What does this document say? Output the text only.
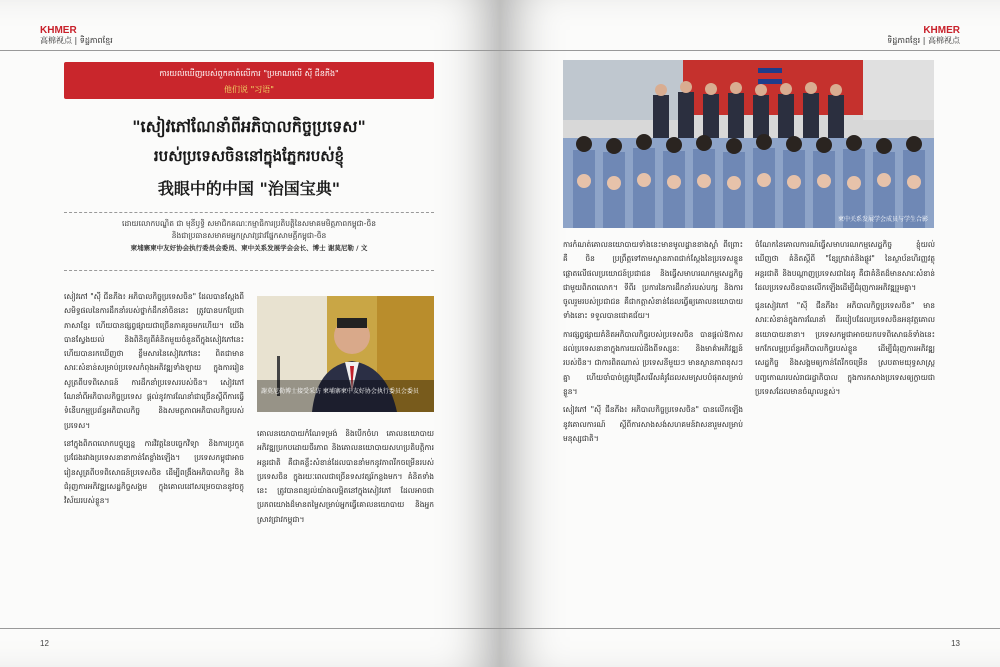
KHMER
高棉视点 | ទិដ្ឋភាពខ្មែរ
ការយល់ឃើញរបស់ពួកគាត់លើការ "ប្រមាណលើ ស៊ី ជីនភីង"
他们说 "习语"
"សៀវភៅណែនាំពីអភិបាលកិច្ចប្រទេស"
របស់ប្រទេសចិននៅក្នុងភ្នែករបស់ខ្ញុំ
我眼中的中国 "治国宝典"
ដោយលោកបណ្ឌិត ជា មុនីឫទ្ធិ សមាជិកគណៈកម្មាធិការប្រតិបត្តិនៃសមាគមមិត្តភាពកម្ពុជា-ចិន
និងជាប្រធានសមាគមអ្នកស្រាវជ្រាវផ្នែកសាមគ្គីកម្ពុជា-ចិន
柬埔寨柬中友好协会执行委员会委员、柬中关系发展学会会长、博士 谢莫尼勒 / 文

សៀវភៅ "ស៊ី ជីនភីង៖ អភិបាលកិច្ចប្រទេសចិន" ដែលបានស្ដែងពីសមិទ្ធផលនៃការដឹកនាំរបស់ថ្នាក់ដឹកនាំចិននេះ ត្រូវបានបកប្រែជាភាសាខ្មែរ ហើយបានផ្សព្វផ្សាយជាច្រើនភាគរួចមកហើយ។ យើងបានស្វែងយល់ និងពិនិត្យពីគំនិតមួយចំនួនពីក្នុងសៀវភៅនេះ ហើយបានរកឃើញថា ខ្លឹមសារនៃសៀវភៅនេះ ពិតជាមានសារៈសំខាន់សម្រាប់ប្រទេសកំពុងអភិវឌ្ឍទាំងឡាយ ក្នុងការរៀនសូត្រពីបទពិសោធន៍ ការដឹកនាំប្រទេសរបស់ចិន។ សៀវភៅណែនាំពីអភិបាលកិច្ចប្រទេស ផ្ដល់នូវការណែនាំជាច្រើនស្ដីពីការធ្វើទំនើបកម្មប្រព័ន្ធអភិបាលកិច្ច និងសមត្ថភាពអភិបាលកិច្ចរបស់ប្រទេស។

នៅក្នុងពិភពលោកបច្ចុប្បន្ន ការវិវត្តនៃបច្ចេកវិទ្យា និងការប្រកួតប្រជែងរវាងប្រទេសនានាកាន់តែខ្លាំងឡើង។ ប្រទេសកម្ពុជាអាចរៀនសូត្រពីបទពិសោធន៍ប្រទេសចិន ដើម្បីពង្រឹងអភិបាលកិច្ច និងជំរុញការអភិវឌ្ឍសេដ្ឋកិច្ចសង្គម ក្នុងគោលដៅសម្រេចបាននូវចក្ខុវិស័យរបស់ខ្លួន។

謝莫尼勒博士接受采访 柬埔寨柬中友好协会执行委员会委员

គោលនយោបាយកំណែទម្រង់ និងបើកចំហ គោលនយោបាយអភិវឌ្ឍប្រកបដោយចីរភាព និងគោលនយោបាយសហប្រតិបត្តិការអន្តរជាតិ គឺជាគន្លឹះសំខាន់ដែលបាននាំមកនូវភាពរីកចម្រើនរបស់ប្រទេសចិន ក្នុងរយៈពេលជាច្រើនទសវត្សរ៍កន្លងមក។ គំនិតទាំងនេះ ត្រូវបានពន្យល់យ៉ាងលម្អិតនៅក្នុងសៀវភៅ ដែលអាចជាប្រភពយោងដ៏មានតម្លៃសម្រាប់អ្នកធ្វើគោលនយោបាយ និងអ្នកស្រាវជ្រាវកម្ពុជា។

12
KHMER
ទិដ្ឋភាពខ្មែរ | 高棉视点
柬中关系发展学会成员与学生合影

ការកំណត់គោលនយោបាយទាំងនេះមានមូលដ្ឋានខាងស្ដាំ ពីព្រោះ គឺ ចិន ប្រព្រឹត្តទៅតាមស្ថានភាពជាក់ស្ដែងនៃប្រទេសខ្លួន ផ្ដោតលើផលប្រយោជន៍ប្រជាជន និងធ្វើសមាហរណកម្មសេដ្ឋកិច្ចជាមួយពិភពលោក។ ទីពីរ ប្រការនៃការដឹកនាំរបស់បក្ស និងការចូលរួមរបស់ប្រជាជន គឺជាកត្តាសំខាន់ដែលធ្វើឲ្យគោលនយោបាយទាំងនោះ ទទួលបានជោគជ័យ។

ការផ្សព្វផ្សាយគំនិតអភិបាលកិច្ចរបស់ប្រទេសចិន បានផ្ដល់ឱកាសដល់ប្រទេសនានាក្នុងការយល់ដឹងពីទស្សនៈ និងមាគ៌ាអភិវឌ្ឍន៍របស់ចិន។ ជាការពិតណាស់ ប្រទេសនីមួយៗ មានស្ថានភាពខុសៗគ្នា ហើយចាំបាច់ត្រូវជ្រើសរើសគំរូដែលសមស្របបំផុតសម្រាប់ខ្លួន។

សៀវភៅ "ស៊ី ជីនភីង៖ អភិបាលកិច្ចប្រទេសចិន" បានលើកឡើងនូវគោលការណ៍ ស្ដីពីការសាងសង់សហគមន៍វាសនារួមសម្រាប់មនុស្សជាតិ។

ចំណែកនៃគោលការណ៍ធ្វើសមាហរណកម្មសេដ្ឋកិច្ច ខ្ញុំយល់ឃើញថា គំនិតស្ដីពី "ខ្សែក្រវាត់និងផ្លូវ" នៃស្ថាប័នហិរញ្ញវត្ថុអន្តរជាតិ និងបណ្ដាញប្រទេសជាដៃគូ គឺជាគំនិតដ៏មានសារៈសំខាន់ ដែលប្រទេសចិនបានលើកឡើងដើម្បីជំរុញការអភិវឌ្ឍរួមគ្នា។

ជូនសៀវភៅ "ស៊ី ជីនភីង៖ អភិបាលកិច្ចប្រទេសចិន" មានសារៈសំខាន់ក្នុងការណែនាំ ពីរបៀបដែលប្រទេសចិនអនុវត្តគោលនយោបាយនានា។ ប្រទេសកម្ពុជាអាចយកបទពិសោធន៍ទាំងនេះ មកកែលម្អប្រព័ន្ធអភិបាលកិច្ចរបស់ខ្លួន ដើម្បីជំរុញការអភិវឌ្ឍសេដ្ឋកិច្ច និងសង្គមឲ្យកាន់តែរីកចម្រើន ស្របតាមយុទ្ធសាស្ត្របញ្ចកោណរបស់រាជរដ្ឋាភិបាល ក្នុងការកសាងប្រទេសឲ្យក្លាយជាប្រទេសដែលមានចំណូលខ្ពស់។

13
